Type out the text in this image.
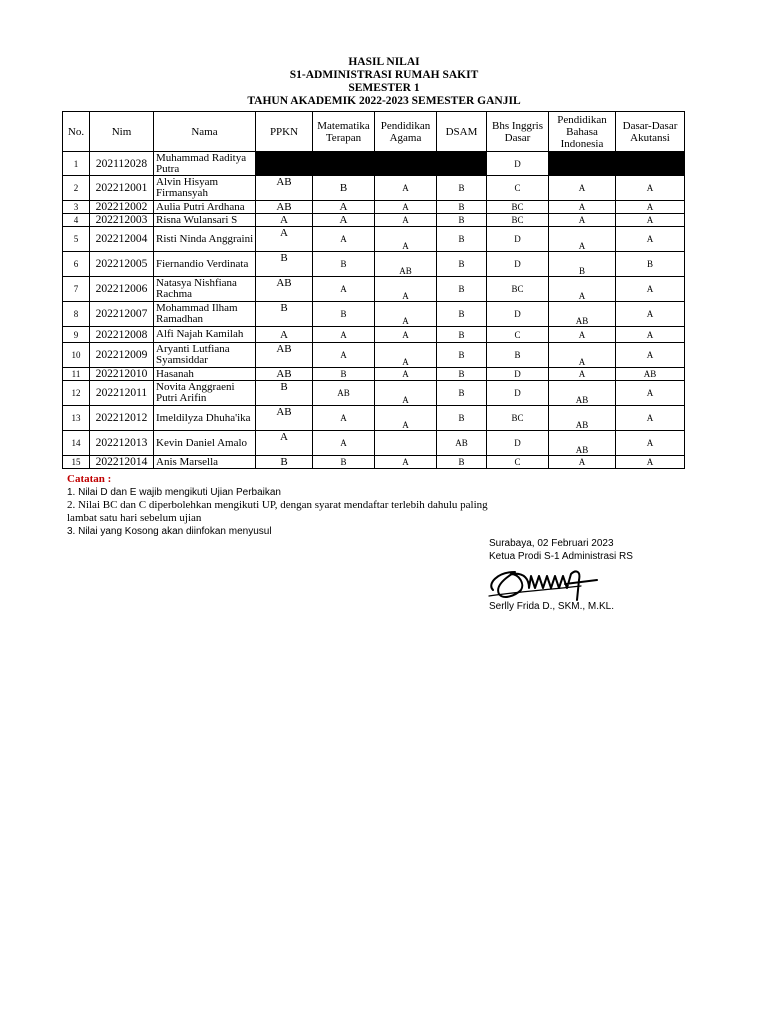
HASIL NILAI
S1-ADMINISTRASI RUMAH SAKIT
SEMESTER 1
TAHUN AKADEMIK 2022-2023 SEMESTER GANJIL
No.	Nim	Nama	PPKN	Matematika Terapan	Pendidikan Agama	DSAM	Bhs Inggris Dasar	Pendidikan Bahasa Indonesia	Dasar-Dasar Akutansi
1	202112028	Muhammad Raditya Putra					D		
2	202212001	Alvin Hisyam Firmansyah	AB	B	A	B	C	A	A
3	202212002	Aulia Putri Ardhana	AB	A	A	B	BC	A	A
4	202212003	Risna Wulansari S	A	A	A	B	BC	A	A
5	202212004	Risti Ninda Anggraini	A	A	A	B	D	A	A
6	202212005	Fiernandio Verdinata	B	B	AB	B	D	B	B
7	202212006	Natasya Nishfiana Rachma	AB	A	A	B	BC	A	A
8	202212007	Mohammad Ilham Ramadhan	B	B	A	B	D	AB	A
9	202212008	Alfi Najah Kamilah	A	A	A	B	C	A	A
10	202212009	Aryanti Lutfiana Syamsiddar	AB	A	A	B	B	A	A
11	202212010	Hasanah	AB	B	A	B	D	A	AB
12	202212011	Novita Anggraeni Putri Arifin	B	AB	A	B	D	AB	A
13	202212012	Imeldilyza Dhuha'ika	AB	A	A	B	BC	AB	A
14	202212013	Kevin Daniel Amalo	A	A		AB	D	AB	A
15	202212014	Anis Marsella	B	B	A	B	C	A	A
Catatan :
1. Nilai D dan E wajib mengikuti Ujian Perbaikan
2. Nilai BC dan C diperbolehkan mengikuti UP, dengan syarat mendaftar terlebih dahulu paling
lambat satu hari sebelum ujian
3. Nilai yang Kosong akan diinfokan menyusul
Surabaya, 02 Februari 2023
Ketua Prodi S-1 Administrasi RS
Serlly Frida D., SKM., M.KL.
